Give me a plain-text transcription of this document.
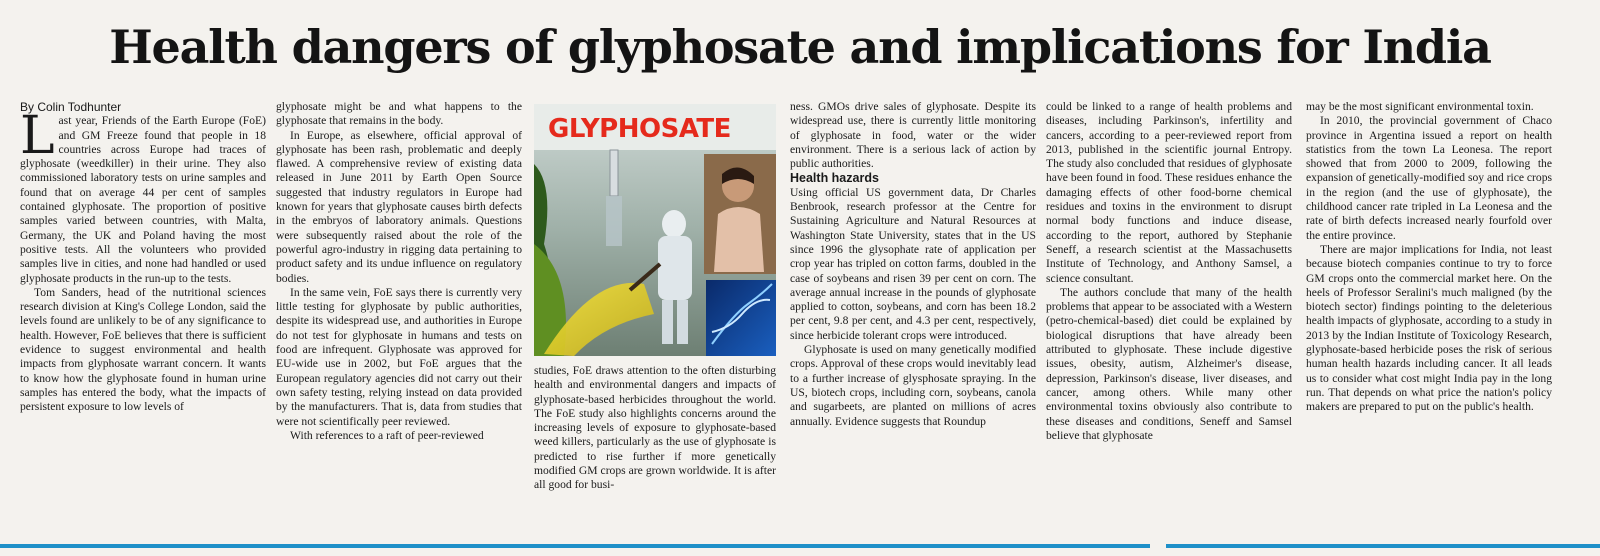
Health dangers of glyphosate and implications for India

By Colin Todhunter

Last year, Friends of the Earth Europe (FoE) and GM Freeze found that people in 18 countries across Europe had traces of glyphosate (weedkiller) in their urine. They also commissioned laboratory tests on urine samples and found that on average 44 per cent of samples contained glyphosate. The proportion of positive samples varied between countries, with Malta, Germany, the UK and Poland having the most positive tests. All the volunteers who provided samples live in cities, and none had handled or used glyphosate products in the run-up to the tests.

Tom Sanders, head of the nutritional sciences research division at King's College London, said the levels found are unlikely to be of any significance to health. However, FoE believes that there is sufficient evidence to suggest environmental and health impacts from glyphosate warrant concern. It wants to know how the glyphosate found in human urine samples has entered the body, what the impacts of persistent exposure to low levels of

glyphosate might be and what happens to the glyphosate that remains in the body.

In Europe, as elsewhere, official approval of glyphosate has been rash, problematic and deeply flawed. A comprehensive review of existing data released in June 2011 by Earth Open Source suggested that industry regulators in Europe had known for years that glyphosate causes birth defects in the embryos of laboratory animals. Questions were subsequently raised about the role of the powerful agro-industry in rigging data pertaining to product safety and its undue influence on regulatory bodies.

In the same vein, FoE says there is currently very little testing for glyphosate by public authorities, despite its widespread use, and authorities in Europe do not test for glyphosate in humans and tests on food are infrequent. Glyphosate was approved for EU-wide use in 2002, but FoE argues that the European regulatory agencies did not carry out their own safety testing, relying instead on data provided by the manufacturers. That is, data from studies that were not scientifically peer reviewed.

With references to a raft of peer-reviewed

GLYPHOSATE

studies, FoE draws attention to the often disturbing health and environmental dangers and impacts of glyphosate-based herbicides throughout the world. The FoE study also highlights concerns around the increasing levels of exposure to glyphosate-based weed killers, particularly as the use of glyphosate is predicted to rise further if more genetically modified GM crops are grown worldwide. It is after all good for busi-

ness. GMOs drive sales of glyphosate. Despite its widespread use, there is currently little monitoring of glyphosate in food, water or the wider environment. There is a serious lack of action by public authorities.

Health hazards

Using official US government data, Dr Charles Benbrook, research professor at the Centre for Sustaining Agriculture and Natural Resources at Washington State University, states that in the US since 1996 the glysophate rate of application per crop year has tripled on cotton farms, doubled in the case of soybeans and risen 39 per cent on corn. The average annual increase in the pounds of glyphosate applied to cotton, soybeans, and corn has been 18.2 per cent, 9.8 per cent, and 4.3 per cent, respectively, since herbicide tolerant crops were introduced.

Glyphosate is used on many genetically modified crops. Approval of these crops would inevitably lead to a further increase of glysphosate spraying. In the US, biotech crops, including corn, soybeans, canola and sugarbeets, are planted on millions of acres annually. Evidence suggests that Roundup

could be linked to a range of health problems and diseases, including Parkinson's, infertility and cancers, according to a peer-reviewed report from 2013, published in the scientific journal Entropy. The study also concluded that residues of glyphosate have been found in food. These residues enhance the damaging effects of other food-borne chemical residues and toxins in the environment to disrupt normal body functions and induce disease, according to the report, authored by Stephanie Seneff, a research scientist at the Massachusetts Institute of Technology, and Anthony Samsel, a science consultant.

The authors conclude that many of the health problems that appear to be associated with a Western (petro-chemical-based) diet could be explained by biological disruptions that have already been attributed to glyphosate. These include digestive issues, obesity, autism, Alzheimer's disease, depression, Parkinson's disease, liver diseases, and cancer, among others. While many other environmental toxins obviously also contribute to these diseases and conditions, Seneff and Samsel believe that glyphosate

may be the most significant environmental toxin.

In 2010, the provincial government of Chaco province in Argentina issued a report on health statistics from the town La Leonesa. The report showed that from 2000 to 2009, following the expansion of genetically-modified soy and rice crops in the region (and the use of glyphosate), the childhood cancer rate tripled in La Leonesa and the rate of birth defects increased nearly fourfold over the entire province.

There are major implications for India, not least because biotech companies continue to try to force GM crops onto the commercial market here. On the heels of Professor Seralini's much maligned (by the biotech sector) findings pointing to the deleterious health impacts of glyphosate, according to a study in 2013 by the Indian Institute of Toxicology Research, glyphosate-based herbicide poses the risk of serious human health hazards including cancer. It all leads us to consider what cost might India pay in the long run. That depends on what price the nation's policy makers are prepared to put on the public's health.
